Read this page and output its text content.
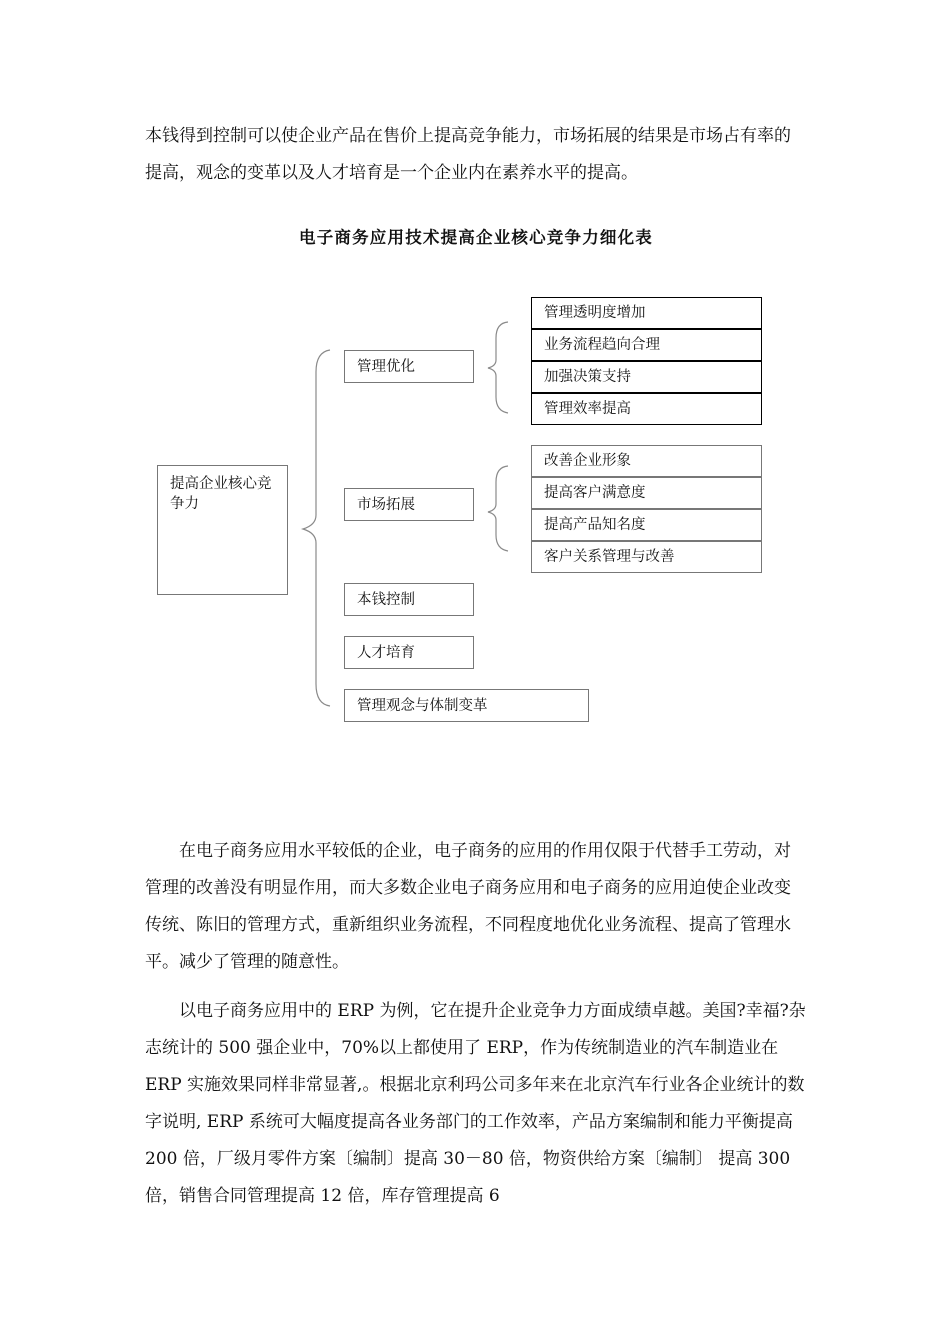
本钱得到控制可以使企业产品在售价上提高竞争能力，市场拓展的结果是市场占有率的提高，观念的变革以及人才培育是一个企业内在素养水平的提高。

电子商务应用技术提高企业核心竞争力细化表
提高企业核心竞争力
管理优化
市场拓展
本钱控制
人才培育
管理观念与体制变革
管理透明度增加
业务流程趋向合理
加强决策支持
管理效率提高
改善企业形象
提高客户满意度
提高产品知名度
客户关系管理与改善

在电子商务应用水平较低的企业，电子商务的应用的作用仅限于代替手工劳动，对管理的改善没有明显作用，而大多数企业电子商务应用和电子商务的应用迫使企业改变传统、陈旧的管理方式，重新组织业务流程，不同程度地优化业务流程、提高了管理水平。减少了管理的随意性。

以电子商务应用中的 ERP 为例，它在提升企业竞争力方面成绩卓越。美国?幸福?杂志统计的 500 强企业中，70%以上都使用了 ERP，作为传统制造业的汽车制造业在 ERP 实施效果同样非常显著,。根据北京利玛公司多年来在北京汽车行业各企业统计的数字说明, ERP 系统可大幅度提高各业务部门的工作效率，产品方案编制和能力平衡提高 200 倍，厂级月零件方案〔编制〕提高 30－80 倍，物资供给方案〔编制〕 提高 300 倍，销售合同管理提高 12 倍，库存管理提高 6
